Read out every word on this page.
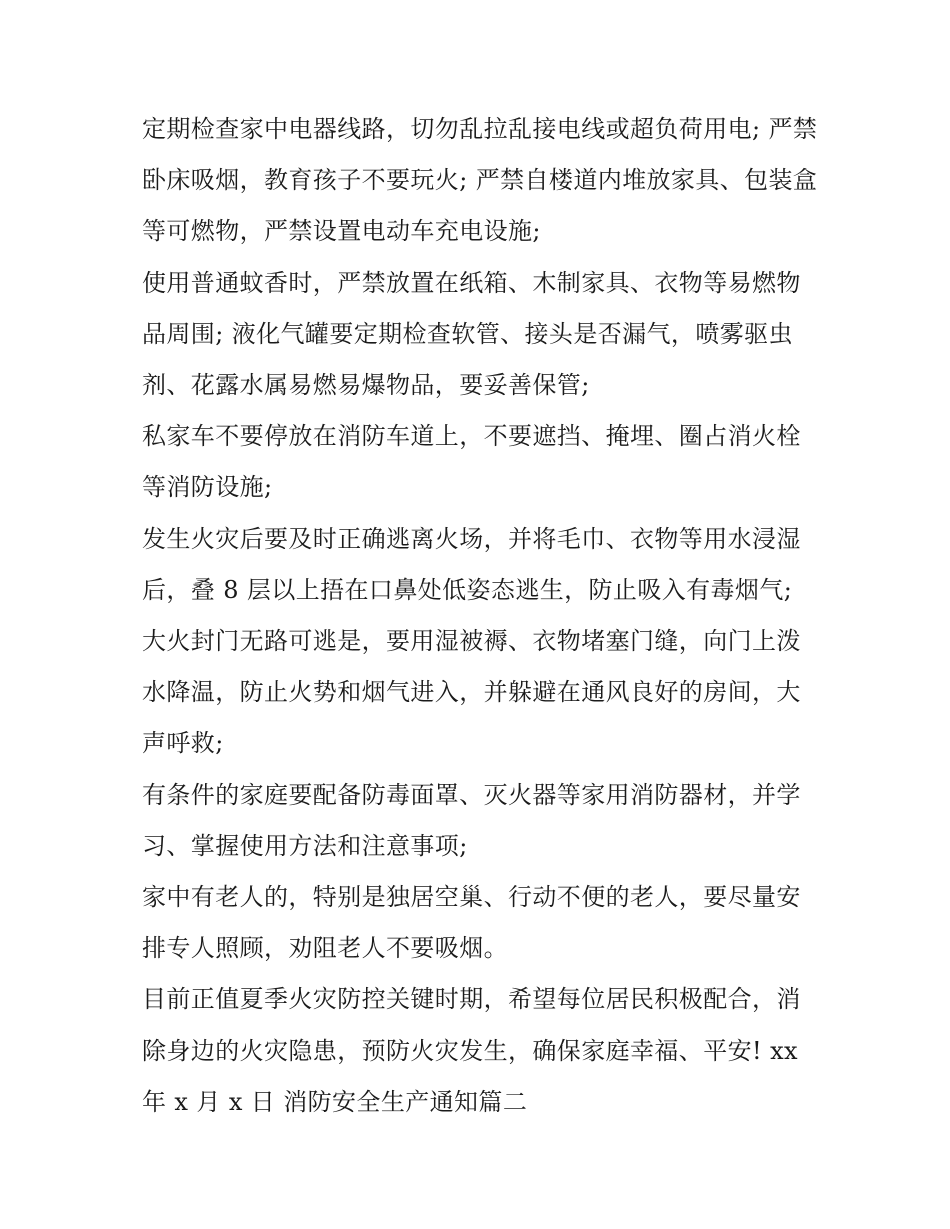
定期检查家中电器线路，切勿乱拉乱接电线或超负荷用电; 严禁卧床吸烟，教育孩子不要玩火; 严禁自楼道内堆放家具、包装盒等可燃物，严禁设置电动车充电设施;

使用普通蚊香时，严禁放置在纸箱、木制家具、衣物等易燃物品周围; 液化气罐要定期检查软管、接头是否漏气，喷雾驱虫剂、花露水属易燃易爆物品，要妥善保管;

私家车不要停放在消防车道上，不要遮挡、掩埋、圈占消火栓等消防设施;

发生火灾后要及时正确逃离火场，并将毛巾、衣物等用水浸湿后，叠 8 层以上捂在口鼻处低姿态逃生，防止吸入有毒烟气;

大火封门无路可逃是，要用湿被褥、衣物堵塞门缝，向门上泼水降温，防止火势和烟气进入，并躲避在通风良好的房间，大声呼救;

有条件的家庭要配备防毒面罩、灭火器等家用消防器材，并学习、掌握使用方法和注意事项;

家中有老人的，特别是独居空巢、行动不便的老人，要尽量安排专人照顾，劝阻老人不要吸烟。

目前正值夏季火灾防控关键时期，希望每位居民积极配合，消除身边的火灾隐患，预防火灾发生，确保家庭幸福、平安! xx 年 x 月 x 日 消防安全生产通知篇二
